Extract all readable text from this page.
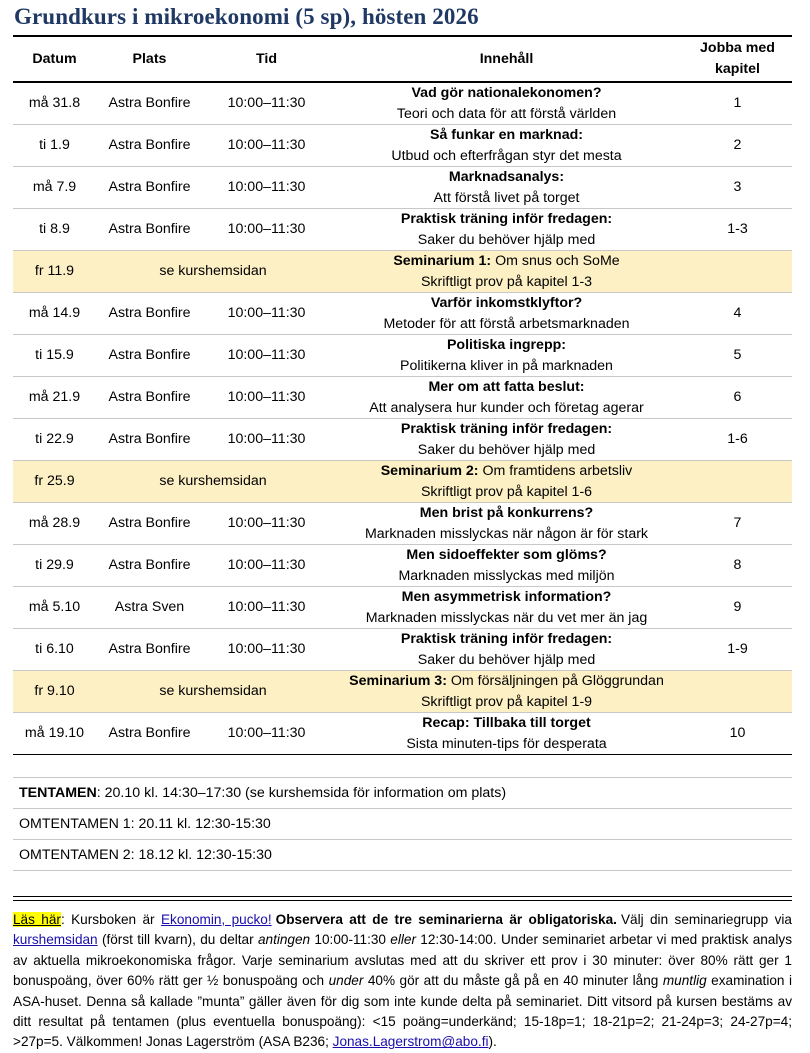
Grundkurs i mikroekonomi (5 sp), hösten 2026
Datum	Plats	Tid	Innehåll	Jobba med
kapitel
må 31.8	Astra Bonfire	10:00–11:30	Vad gör nationalekonomen?
Teori och data för att förstå världen	1
ti 1.9	Astra Bonfire	10:00–11:30	Så funkar en marknad:
Utbud och efterfrågan styr det mesta	2
må 7.9	Astra Bonfire	10:00–11:30	Marknadsanalys:
Att förstå livet på torget	3
ti 8.9	Astra Bonfire	10:00–11:30	Praktisk träning inför fredagen:
Saker du behöver hjälp med	1-3
fr 11.9	se kurshemsidan		Seminarium 1: Om snus och SoMe
Skriftligt prov på kapitel 1-3	
må 14.9	Astra Bonfire	10:00–11:30	Varför inkomstklyftor?
Metoder för att förstå arbetsmarknaden	4
ti 15.9	Astra Bonfire	10:00–11:30	Politiska ingrepp:
Politikerna kliver in på marknaden	5
må 21.9	Astra Bonfire	10:00–11:30	Mer om att fatta beslut:
Att analysera hur kunder och företag agerar	6
ti 22.9	Astra Bonfire	10:00–11:30	Praktisk träning inför fredagen:
Saker du behöver hjälp med	1-6
fr 25.9	se kurshemsidan		Seminarium 2: Om framtidens arbetsliv
Skriftligt prov på kapitel 1-6	
må 28.9	Astra Bonfire	10:00–11:30	Men brist på konkurrens?
Marknaden misslyckas när någon är för stark	7
ti 29.9	Astra Bonfire	10:00–11:30	Men sidoeffekter som glöms?
Marknaden misslyckas med miljön	8
må 5.10	Astra Sven	10:00–11:30	Men asymmetrisk information?
Marknaden misslyckas när du vet mer än jag	9
ti 6.10	Astra Bonfire	10:00–11:30	Praktisk träning inför fredagen:
Saker du behöver hjälp med	1-9
fr 9.10	se kurshemsidan		Seminarium 3: Om försäljningen på Glöggrundan
Skriftligt prov på kapitel 1-9	
må 19.10	Astra Bonfire	10:00–11:30	Recap: Tillbaka till torget
Sista minuten-tips för desperata	10
TENTAMEN: 20.10 kl. 14:30–17:30 (se kurshemsida för information om plats)
OMTENTAMEN 1: 20.11 kl. 12:30-15:30
OMTENTAMEN 2: 18.12 kl. 12:30-15:30

Läs här: Kursboken är Ekonomin, pucko! Observera att de tre seminarierna är obligatoriska. Välj din seminariegrupp via kurshemsidan (först till kvarn), du deltar antingen 10:00-11:30 eller 12:30-14:00. Under seminariet arbetar vi med praktisk analys av aktuella mikroekonomiska frågor. Varje seminarium avslutas med att du skriver ett prov i 30 minuter: över 80% rätt ger 1 bonuspoäng, över 60% rätt ger ½ bonuspoäng och under 40% gör att du måste gå på en 40 minuter lång muntlig examination i ASA-huset. Denna så kallade ”munta” gäller även för dig som inte kunde delta på seminariet. Ditt vitsord på kursen bestäms av ditt resultat på tentamen (plus eventuella bonuspoäng): <15 poäng=underkänd; 15-18p=1; 18-21p=2; 21-24p=3; 24-27p=4; >27p=5. Välkommen! Jonas Lagerström (ASA B236; Jonas.Lagerstrom@abo.fi).
